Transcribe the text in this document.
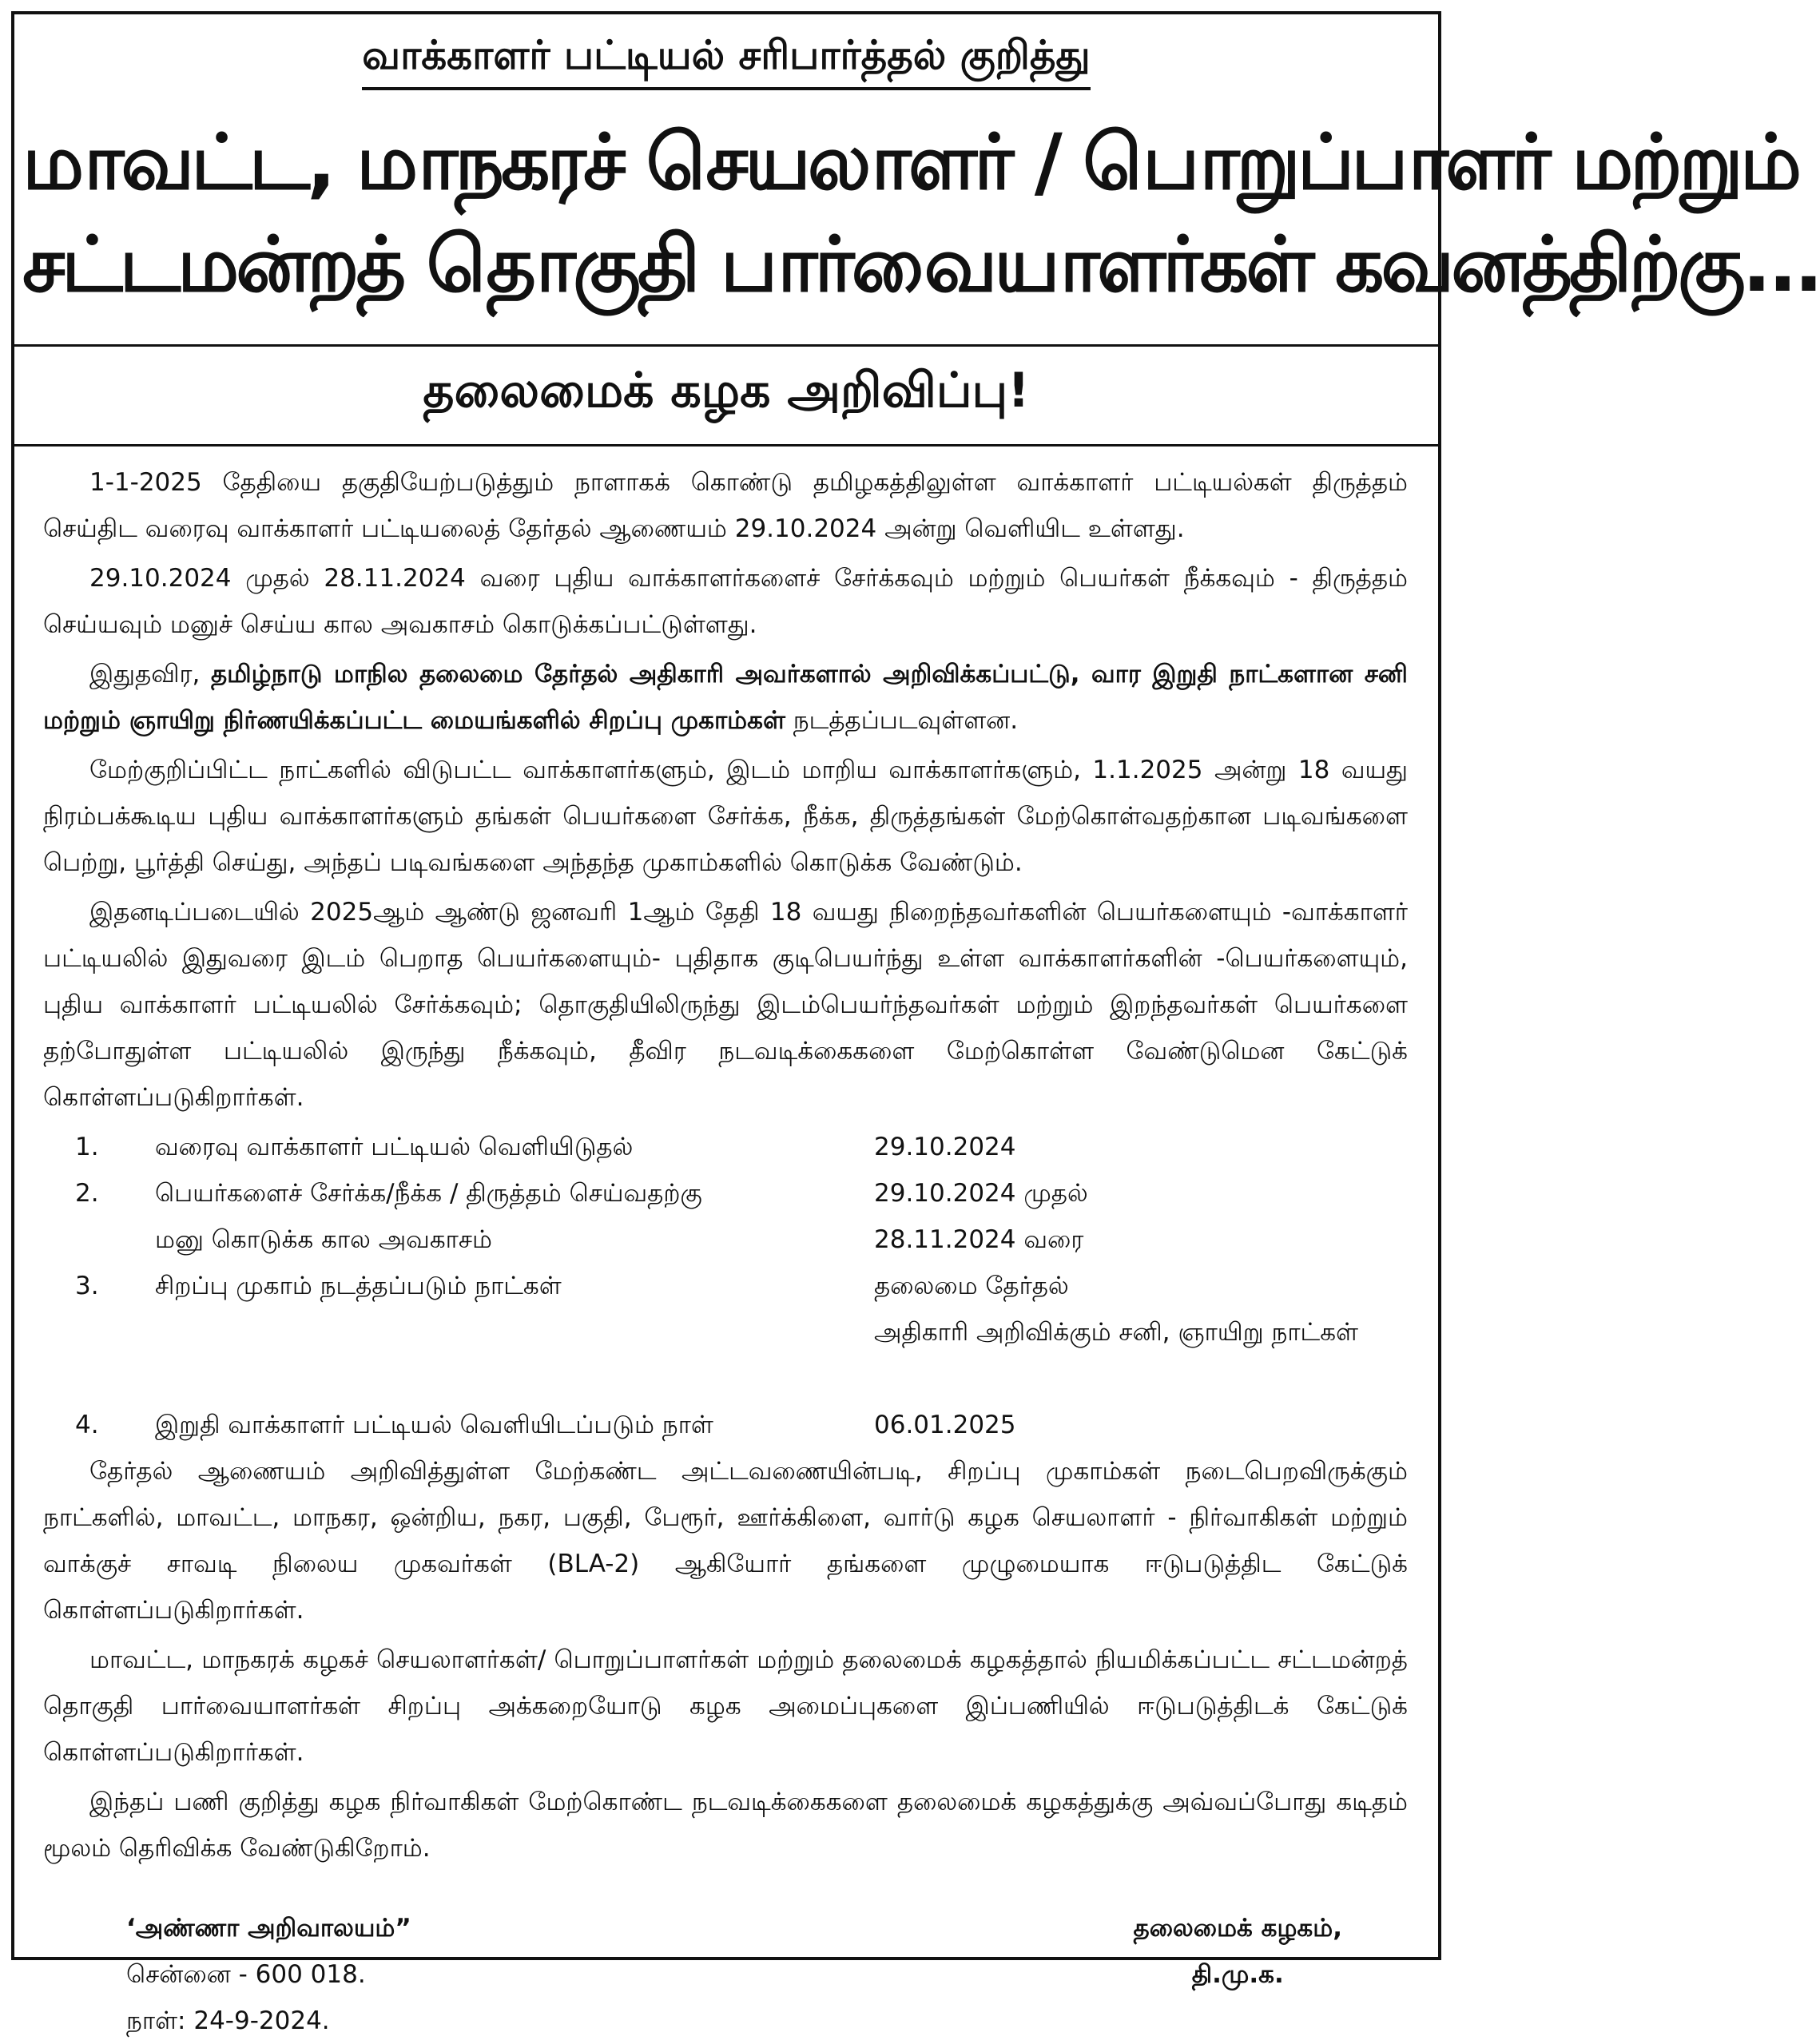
வாக்காளர் பட்டியல் சரிபார்த்தல் குறித்து
மாவட்ட, மாநகரச் செயலாளர் / பொறுப்பாளர் மற்றும்
சட்டமன்றத் தொகுதி பார்வையாளர்கள் கவனத்திற்கு...
தலைமைக் கழக அறிவிப்பு!

1-1-2025 தேதியை தகுதியேற்படுத்தும் நாளாகக் கொண்டு தமிழகத்திலுள்ள வாக்காளர் பட்டியல்கள் திருத்தம் செய்திட வரைவு வாக்காளர் பட்டியலைத் தேர்தல் ஆணையம் 29.10.2024 அன்று வெளியிட உள்ளது.

29.10.2024 முதல் 28.11.2024 வரை புதிய வாக்காளர்களைச் சேர்க்கவும் மற்றும் பெயர்கள் நீக்கவும் - திருத்தம் செய்யவும் மனுச் செய்ய கால அவகாசம் கொடுக்கப்பட்டுள்ளது.

இதுதவிர, தமிழ்நாடு மாநில தலைமை தேர்தல் அதிகாரி அவர்களால் அறிவிக்கப்பட்டு, வார இறுதி நாட்களான சனி மற்றும் ஞாயிறு நிர்ணயிக்கப்பட்ட மையங்களில் சிறப்பு முகாம்கள் நடத்தப்படவுள்ளன.

மேற்குறிப்பிட்ட நாட்களில் விடுபட்ட வாக்காளர்களும், இடம் மாறிய வாக்காளர்களும், 1.1.2025 அன்று 18 வயது நிரம்பக்கூடிய புதிய வாக்காளர்களும் தங்கள் பெயர்களை சேர்க்க, நீக்க, திருத்தங்கள் மேற்கொள்வதற்கான படிவங்களை பெற்று, பூர்த்தி செய்து, அந்தப் படிவங்களை அந்தந்த முகாம்களில் கொடுக்க வேண்டும்.

இதனடிப்படையில் 2025ஆம் ஆண்டு ஜனவரி 1ஆம் தேதி 18 வயது நிறைந்தவர்களின் பெயர்களையும் -வாக்காளர் பட்டியலில் இதுவரை இடம் பெறாத பெயர்களையும்- புதிதாக குடிபெயர்ந்து உள்ள வாக்காளர்களின் -பெயர்களையும், புதிய வாக்காளர் பட்டியலில் சேர்க்கவும்; தொகுதியிலிருந்து இடம்பெயர்ந்தவர்கள் மற்றும் இறந்தவர்கள் பெயர்களை தற்போதுள்ள பட்டியலில் இருந்து நீக்கவும், தீவிர நடவடிக்கைகளை மேற்கொள்ள வேண்டுமென கேட்டுக் கொள்ளப்படுகிறார்கள்.

1.	வரைவு வாக்காளர் பட்டியல் வெளியிடுதல்	29.10.2024
2.	பெயர்களைச் சேர்க்க/நீக்க / திருத்தம் செய்வதற்கு	29.10.2024 முதல்
	மனு கொடுக்க கால அவகாசம்	28.11.2024 வரை
3.	சிறப்பு முகாம் நடத்தப்படும் நாட்கள்	தலைமை தேர்தல்
		அதிகாரி அறிவிக்கும் சனி, ஞாயிறு நாட்கள்

4.	இறுதி வாக்காளர் பட்டியல் வெளியிடப்படும் நாள்	06.01.2025

தேர்தல் ஆணையம் அறிவித்துள்ள மேற்கண்ட அட்டவணையின்படி, சிறப்பு முகாம்கள் நடைபெறவிருக்கும் நாட்களில், மாவட்ட, மாநகர, ஒன்றிய, நகர, பகுதி, பேரூர், ஊர்க்கிளை, வார்டு கழக செயலாளர் - நிர்வாகிகள் மற்றும் வாக்குச் சாவடி நிலைய முகவர்கள் (BLA-2) ஆகியோர் தங்களை முழுமையாக ஈடுபடுத்திட கேட்டுக் கொள்ளப்படுகிறார்கள்.

மாவட்ட, மாநகரக் கழகச் செயலாளர்கள்/ பொறுப்பாளர்கள் மற்றும் தலைமைக் கழகத்தால் நியமிக்கப்பட்ட சட்டமன்றத் தொகுதி பார்வையாளர்கள் சிறப்பு அக்கறையோடு கழக அமைப்புகளை இப்பணியில் ஈடுபடுத்திடக் கேட்டுக் கொள்ளப்படுகிறார்கள்.

இந்தப் பணி குறித்து கழக நிர்வாகிகள் மேற்கொண்ட நடவடிக்கைகளை தலைமைக் கழகத்துக்கு அவ்வப்போது கடிதம் மூலம் தெரிவிக்க வேண்டுகிறோம்.

‘அண்ணா அறிவாலயம்”
சென்னை - 600 018.
நாள்: 24-9-2024.
தலைமைக் கழகம்,
தி.மு.க.
